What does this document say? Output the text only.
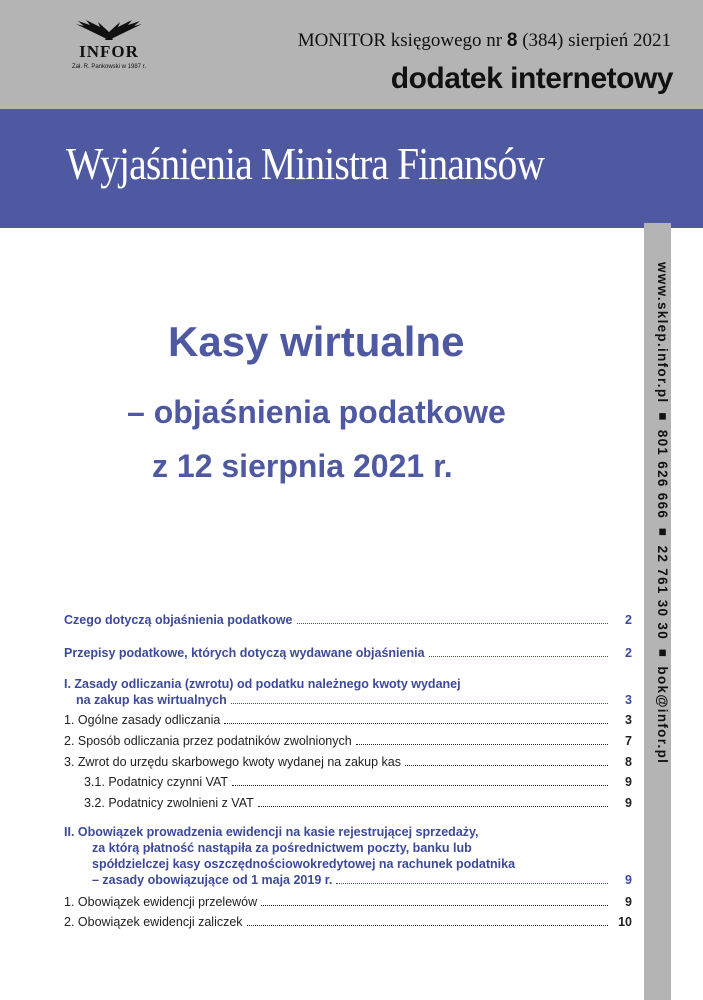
INFOR
Zał. R. Pankowski w 1987 r.
MONITOR księgowego nr 8 (384) sierpień 2021
dodatek internetowy
Wyjaśnienia Ministra Finansów
www.sklep.infor.pl ■ 801 626 666 ■ 22 761 30 30 ■ bok@infor.pl
Kasy wirtualne
– objaśnienia podatkowe
z 12 sierpnia 2021 r.
Czego dotyczą objaśnienia podatkowe	2
Przepisy podatkowe, których dotyczą wydawane objaśnienia	2
I. Zasady odliczania (zwrotu) od podatku należnego kwoty wydanej
na zakup kas wirtualnych	3
1. Ogólne zasady odliczania	3
2. Sposób odliczania przez podatników zwolnionych	7
3. Zwrot do urzędu skarbowego kwoty wydanej na zakup kas	8
3.1. Podatnicy czynni VAT	9
3.2. Podatnicy zwolnieni z VAT	9
II. Obowiązek prowadzenia ewidencji na kasie rejestrującej sprzedaży,
za którą płatność nastąpiła za pośrednictwem poczty, banku lub
spółdzielczej kasy oszczędnościowokredytowej na rachunek podatnika
– zasady obowiązujące od 1 maja 2019 r.	9
1. Obowiązek ewidencji przelewów	9
2. Obowiązek ewidencji zaliczek	10
